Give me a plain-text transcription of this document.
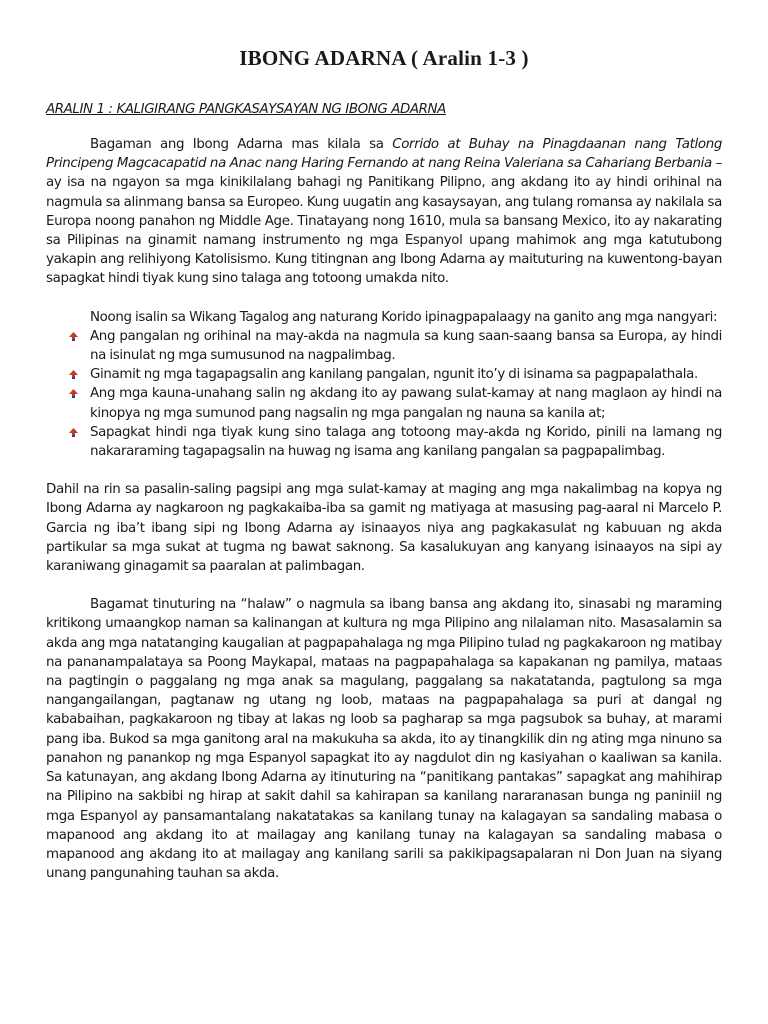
IBONG ADARNA ( Aralin 1-3 )
ARALIN 1 : KALIGIRANG PANGKASAYSAYAN NG IBONG ADARNA

Bagaman ang Ibong Adarna mas kilala sa Corrido at Buhay na Pinagdaanan nang Tatlong Principeng Magcacapatid na Anac nang Haring Fernando at nang Reina Valeriana sa Cahariang Berbania – ay isa na ngayon sa mga kinikilalang bahagi ng Panitikang Pilipno, ang akdang ito ay hindi orihinal na nagmula sa alinmang bansa sa Europeo. Kung uugatin ang kasaysayan, ang tulang romansa ay nakilala sa Europa noong panahon ng Middle Age. Tinatayang nong 1610, mula sa bansang Mexico, ito ay nakarating sa Pilipinas na ginamit namang instrumento ng mga Espanyol upang mahimok ang mga katutubong yakapin ang relihiyong Katolisismo. Kung titingnan ang Ibong Adarna ay maituturing na kuwentong-bayan sapagkat hindi tiyak kung sino talaga ang totoong umakda nito.

Noong isalin sa Wikang Tagalog ang naturang Korido ipinagpapalaagy na ganito ang mga nangyari:

Ang pangalan ng orihinal na may-akda na nagmula sa kung saan-saang bansa sa Europa, ay hindi na isinulat ng mga sumusunod na nagpalimbag.
Ginamit ng mga tagapagsalin ang kanilang pangalan, ngunit ito’y di isinama sa pagpapalathala.
Ang mga kauna-unahang salin ng akdang ito ay pawang sulat-kamay at nang maglaon ay hindi na kinopya ng mga sumunod pang nagsalin ng mga pangalan ng nauna sa kanila at;
Sapagkat hindi nga tiyak kung sino talaga ang totoong may-akda ng Korido, pinili na lamang ng nakararaming tagapagsalin na huwag ng isama ang kanilang pangalan sa pagpapalimbag.

Dahil na rin sa pasalin-saling pagsipi ang mga sulat-kamay at maging ang mga nakalimbag na kopya ng Ibong Adarna ay nagkaroon ng pagkakaiba-iba sa gamit ng matiyaga at masusing pag-aaral ni Marcelo P. Garcia ng iba’t ibang sipi ng Ibong Adarna ay isinaayos niya ang pagkakasulat ng kabuuan ng akda partikular sa mga sukat at tugma ng bawat saknong. Sa kasalukuyan ang kanyang isinaayos na sipi ay karaniwang ginagamit sa paaralan at palimbagan.

Bagamat tinuturing na “halaw” o nagmula sa ibang bansa ang akdang ito, sinasabi ng maraming kritikong umaangkop naman sa kalinangan at kultura ng mga Pilipino ang nilalaman nito. Masasalamin sa akda ang mga natatanging kaugalian at pagpapahalaga ng mga Pilipino tulad ng pagkakaroon ng matibay na pananampalataya sa Poong Maykapal, mataas na pagpapahalaga sa kapakanan ng pamilya, mataas na pagtingin o paggalang ng mga anak sa magulang, paggalang sa nakatatanda, pagtulong sa mga nangangailangan, pagtanaw ng utang ng loob, mataas na pagpapahalaga sa puri at dangal ng kababaihan, pagkakaroon ng tibay at lakas ng loob sa pagharap sa mga pagsubok sa buhay, at marami pang iba. Bukod sa mga ganitong aral na makukuha sa akda, ito ay tinangkilik din ng ating mga ninuno sa panahon ng panankop ng mga Espanyol sapagkat ito ay nagdulot din ng kasiyahan o kaaliwan sa kanila. Sa katunayan, ang akdang Ibong Adarna ay itinuturing na “panitikang pantakas” sapagkat ang mahihirap na Pilipino na sakbibi ng hirap at sakit dahil sa kahirapan sa kanilang nararanasan bunga ng paniniil ng mga Espanyol ay pansamantalang nakatatakas sa kanilang tunay na kalagayan sa sandaling mabasa o mapanood ang akdang ito at mailagay ang kanilang tunay na kalagayan sa sandaling mabasa o mapanood ang akdang ito at mailagay ang kanilang sarili sa pakikipagsapalaran ni Don Juan na siyang unang pangunahing tauhan sa akda.
